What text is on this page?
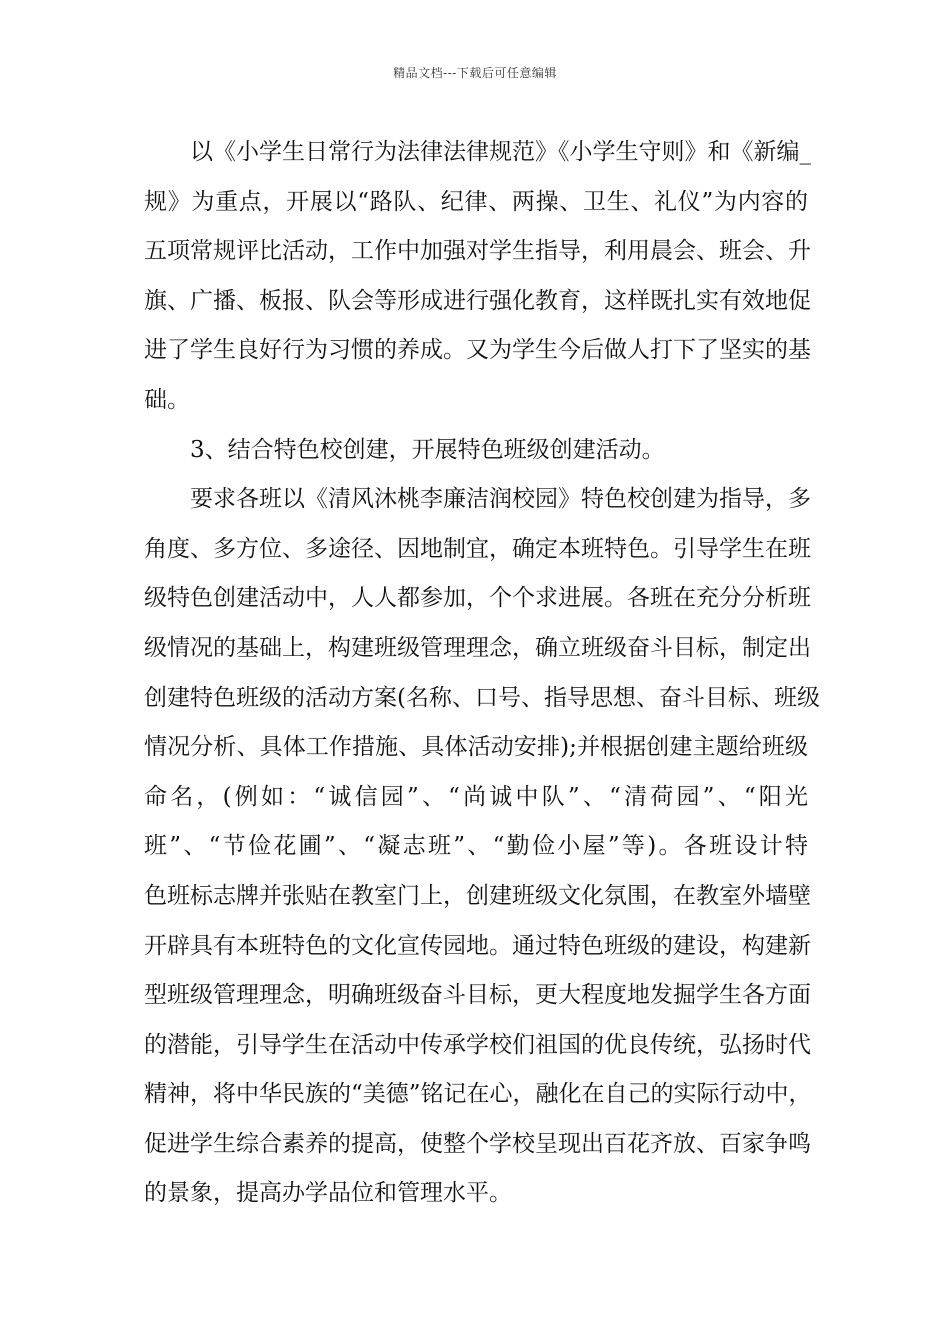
精品文档---下载后可任意编辑
以《小学生日常行为法律法律规范》《小学生守则》和《新编_
规》为重点，开展以“路队、纪律、两操、卫生、礼仪”为内容的
五项常规评比活动，工作中加强对学生指导，利用晨会、班会、升
旗、广播、板报、队会等形成进行强化教育，这样既扎实有效地促
进了学生良好行为习惯的养成。又为学生今后做人打下了坚实的基
础。
3、结合特色校创建，开展特色班级创建活动。
要求各班以《清风沐桃李廉洁润校园》特色校创建为指导，多
角度、多方位、多途径、因地制宜，确定本班特色。引导学生在班
级特色创建活动中，人人都参加，个个求进展。各班在充分分析班
级情况的基础上，构建班级管理理念，确立班级奋斗目标，制定出
创建特色班级的活动方案(名称、口号、指导思想、奋斗目标、班级
情况分析、具体工作措施、具体活动安排);并根据创建主题给班级
命名，(例如：“诚信园”、“尚诚中队”、“清荷园”、“阳光
班”、“节俭花圃”、“凝志班”、“勤俭小屋”等)。各班设计特
色班标志牌并张贴在教室门上，创建班级文化氛围，在教室外墙壁
开辟具有本班特色的文化宣传园地。通过特色班级的建设，构建新
型班级管理理念，明确班级奋斗目标，更大程度地发掘学生各方面
的潜能，引导学生在活动中传承学校们祖国的优良传统，弘扬时代
精神，将中华民族的“美德”铭记在心，融化在自己的实际行动中，
促进学生综合素养的提高，使整个学校呈现出百花齐放、百家争鸣
的景象，提高办学品位和管理水平。
